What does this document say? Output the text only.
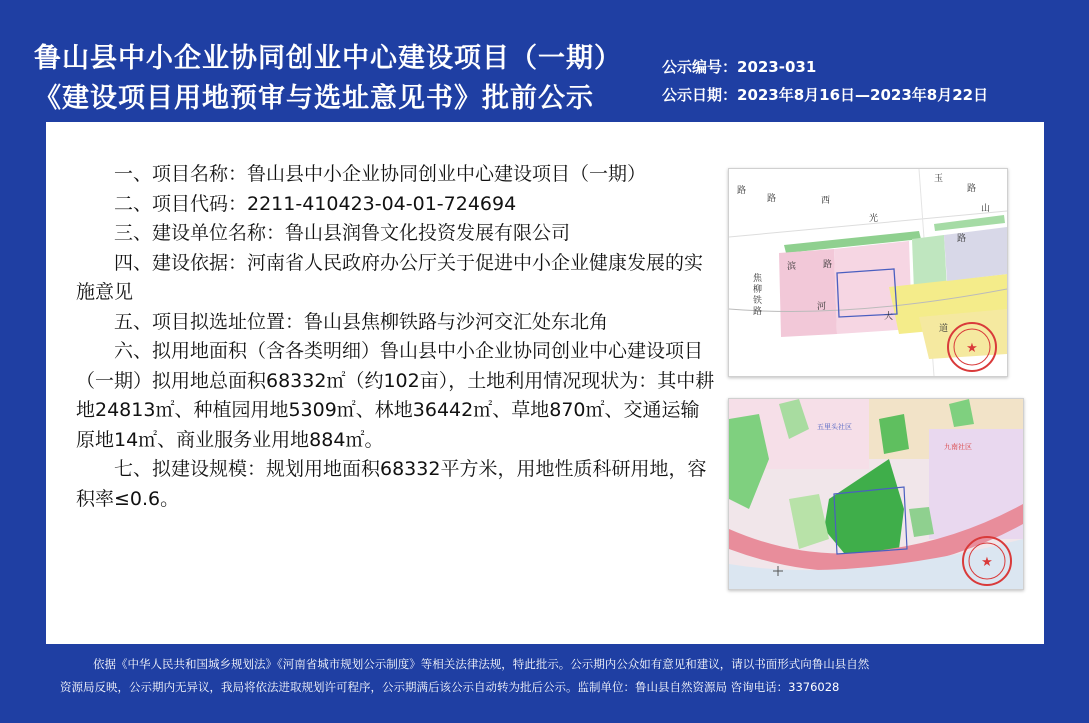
鲁山县中小企业协同创业中心建设项目（一期）
《建设项目用地预审与选址意见书》批前公示
公示编号：2023-031
公示日期：2023年8月16日—2023年8月22日

一、项目名称：鲁山县中小企业协同创业中心建设项目（一期）

二、项目代码：2211-410423-04-01-724694

三、建设单位名称：鲁山县润鲁文化投资发展有限公司

四、建设依据：河南省人民政府办公厅关于促进中小企业健康发展的实施意见

五、项目拟选址位置：鲁山县焦柳铁路与沙河交汇处东北角

六、拟用地面积（含各类明细）鲁山县中小企业协同创业中心建设项目（一期）拟用地总面积68332㎡（约102亩），土地利用情况现状为：其中耕地24813㎡、种植园用地5309㎡、林地36442㎡、草地870㎡、交通运输原地14㎡、商业服务业用地884㎡。

七、拟建设规模：规划用地面积68332平方米，用地性质科研用地，容积率≤0.6。

★
路
路	西
光
玉
路
山
路
滨	路
焦
柳
铁
路	河
大
道
★
五里头社区
九南社区
依据《中华人民共和国城乡规划法》《河南省城市规划公示制度》等相关法律法规，特此批示。公示期内公众如有意见和建议，请以书面形式向鲁山县自然
资源局反映，公示期内无异议，我局将依法进取规划许可程序，公示期满后该公示自动转为批后公示。监制单位：鲁山县自然资源局 咨询电话：3376028
